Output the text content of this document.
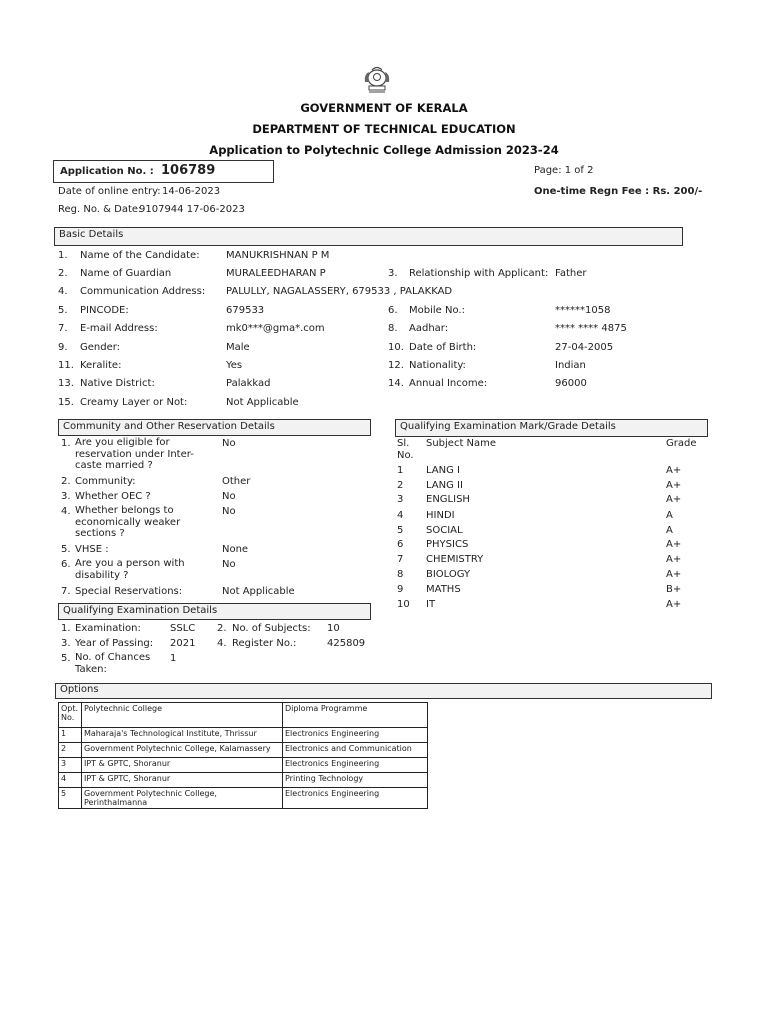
GOVERNMENT OF KERALA
DEPARTMENT OF TECHNICAL EDUCATION
Application to Polytechnic College Admission 2023-24
Application No. : 106789	Page: 1 of 2
Date of online entry: 14-06-2023	One-time Regn Fee : Rs. 200/-
Reg. No. & Date:
9107944 17-06-2023
Basic Details
1. Name of the Candidate:	MANUKRISHNAN P M
2. Name of Guardian	MURALEEDHARAN P	3. Relationship with Applicant: Father
4. Communication Address: PALULLY, NAGALASSERY, 679533 , PALAKKAD
5. PINCODE:	679533	6. Mobile No.:	******1058
7. E-mail Address:	mk0***@gma*.com	8. Aadhar:	**** **** 4875
9. Gender:	Male	10. Date of Birth:	27-04-2005
11. Keralite:	Yes	12. Nationality:	Indian
13. Native District:	Palakkad	14. Annual Income:	96000
15. Creamy Layer or Not:	Not Applicable
Community and Other Reservation Details
1. Are you eligible for reservation under Inter-caste married ?
No
2. Community:	Other
3. Whether OEC ?	No
4. Whether belongs to economically weaker sections ?
No
5. VHSE :	None
6. Are you a person with disability ?
No
7. Special Reservations:	Not Applicable
Qualifying Examination Details
1. Examination:	SSLC 2. No. of Subjects: 10
3. Year of Passing: 2021 4. Register No.:	425809
5. No. of Chances Taken:
1
Qualifying Examination Mark/Grade Details
Sl. No.
Subject Name	Grade
1 LANG I	A+
2 LANG II	A+
3 ENGLISH	A+
4 HINDI	A
5 SOCIAL	A
6 PHYSICS	A+
7 CHEMISTRY	A+
8 BIOLOGY	A+
9 MATHS	B+
10 IT	A+
Options
Opt. No.	Polytechnic College	Diploma Programme
1	Maharaja's Technological Institute, Thrissur	Electronics Engineering
2	Government Polytechnic College, Kalamassery	Electronics and Communication
3	IPT & GPTC, Shoranur	Electronics Engineering
4	IPT & GPTC, Shoranur	Printing Technology
5	Government Polytechnic College, Perinthalmanna	Electronics Engineering
